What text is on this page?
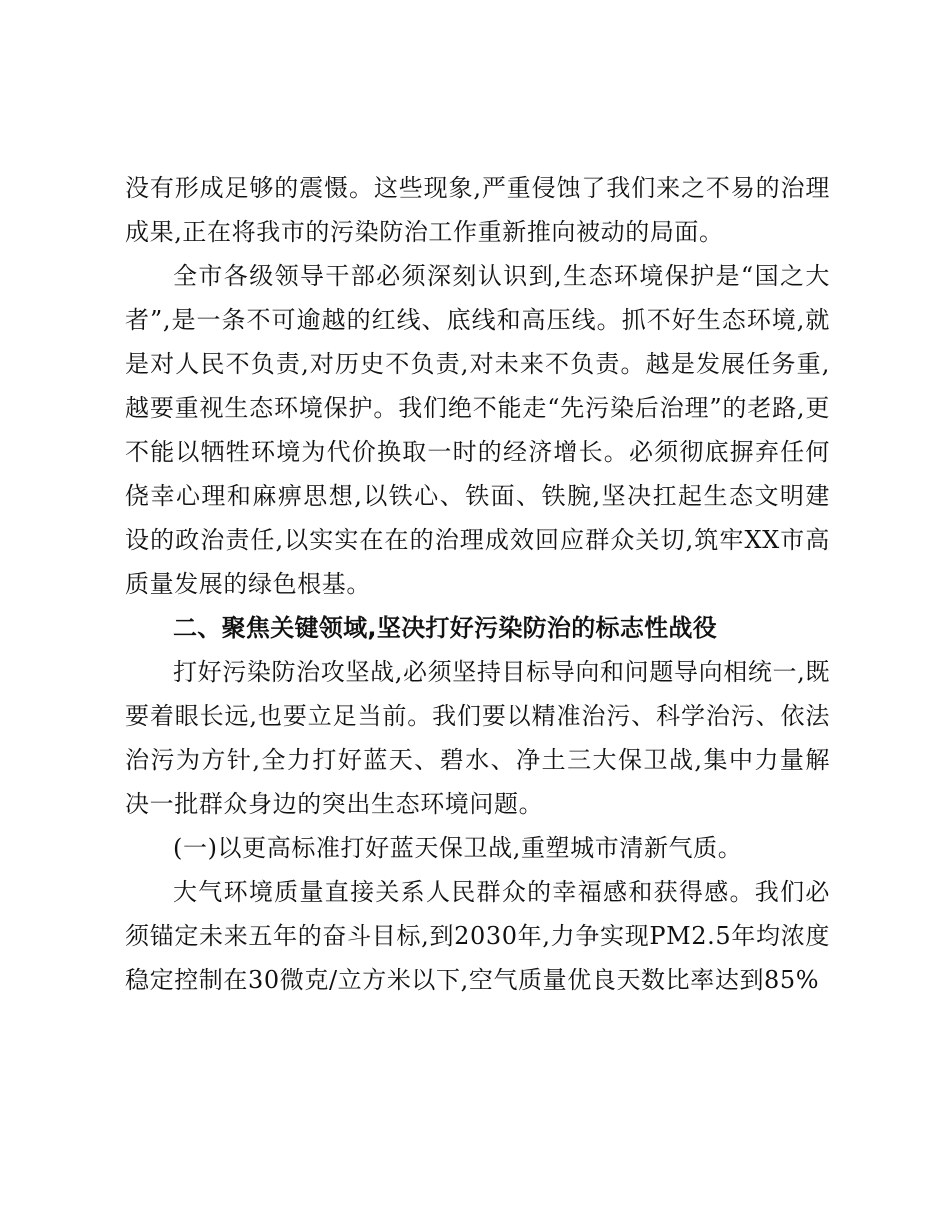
没有形成足够的震慑。这些现象,严重侵蚀了我们来之不易的治理成果,正在将我市的污染防治工作重新推向被动的局面。

全市各级领导干部必须深刻认识到,生态环境保护是“国之大者”,是一条不可逾越的红线、底线和高压线。抓不好生态环境,就是对人民不负责,对历史不负责,对未来不负责。越是发展任务重,越要重视生态环境保护。我们绝不能走“先污染后治理”的老路,更不能以牺牲环境为代价换取一时的经济增长。必须彻底摒弃任何侥幸心理和麻痹思想,以铁心、铁面、铁腕,坚决扛起生态文明建设的政治责任,以实实在在的治理成效回应群众关切,筑牢XX市高质量发展的绿色根基。

二、聚焦关键领域,坚决打好污染防治的标志性战役

打好污染防治攻坚战,必须坚持目标导向和问题导向相统一,既要着眼长远,也要立足当前。我们要以精准治污、科学治污、依法治污为方针,全力打好蓝天、碧水、净土三大保卫战,集中力量解决一批群众身边的突出生态环境问题。

(一)以更高标准打好蓝天保卫战,重塑城市清新气质。

大气环境质量直接关系人民群众的幸福感和获得感。我们必须锚定未来五年的奋斗目标,到2030年,力争实现PM2.5年均浓度稳定控制在30微克/立方米以下,空气质量优良天数比率达到85%
